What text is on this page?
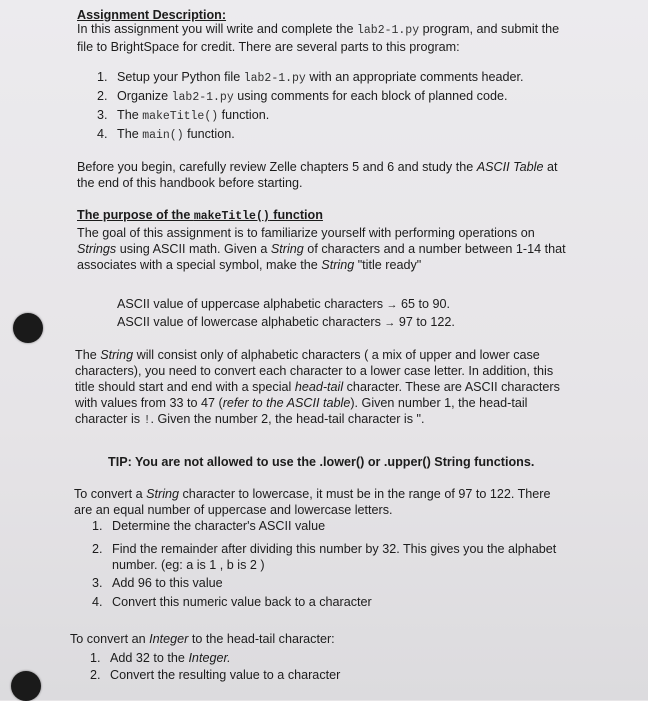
Assignment Description:
In this assignment you will write and complete the lab2-1.py program, and submit the
file to BrightSpace for credit. There are several parts to this program:
1. Setup your Python file lab2-1.py with an appropriate comments header.
2. Organize lab2-1.py using comments for each block of planned code.
3. The makeTitle() function.
4. The main() function.
Before you begin, carefully review Zelle chapters 5 and 6 and study the ASCII Table at
the end of this handbook before starting.
The purpose of the makeTitle() function
The goal of this assignment is to familiarize yourself with performing operations on
Strings using ASCII math. Given a String of characters and a number between 1-14 that
associates with a special symbol, make the String "title ready"
ASCII value of uppercase alphabetic characters → 65 to 90.
ASCII value of lowercase alphabetic characters → 97 to 122.
The String will consist only of alphabetic characters ( a mix of upper and lower case
characters), you need to convert each character to a lower case letter. In addition, this
title should start and end with a special head-tail character. These are ASCII characters
with values from 33 to 47 (refer to the ASCII table). Given number 1, the head-tail
character is !. Given the number 2, the head-tail character is ".
TIP: You are not allowed to use the .lower() or .upper() String functions.
To convert a String character to lowercase, it must be in the range of 97 to 122. There
are an equal number of uppercase and lowercase letters.
1. Determine the character's ASCII value
2. Find the remainder after dividing this number by 32. This gives you the alphabet
number. (eg: a is 1 , b is 2 )
3. Add 96 to this value
4. Convert this numeric value back to a character
To convert an Integer to the head-tail character:
1. Add 32 to the Integer.
2. Convert the resulting value to a character
